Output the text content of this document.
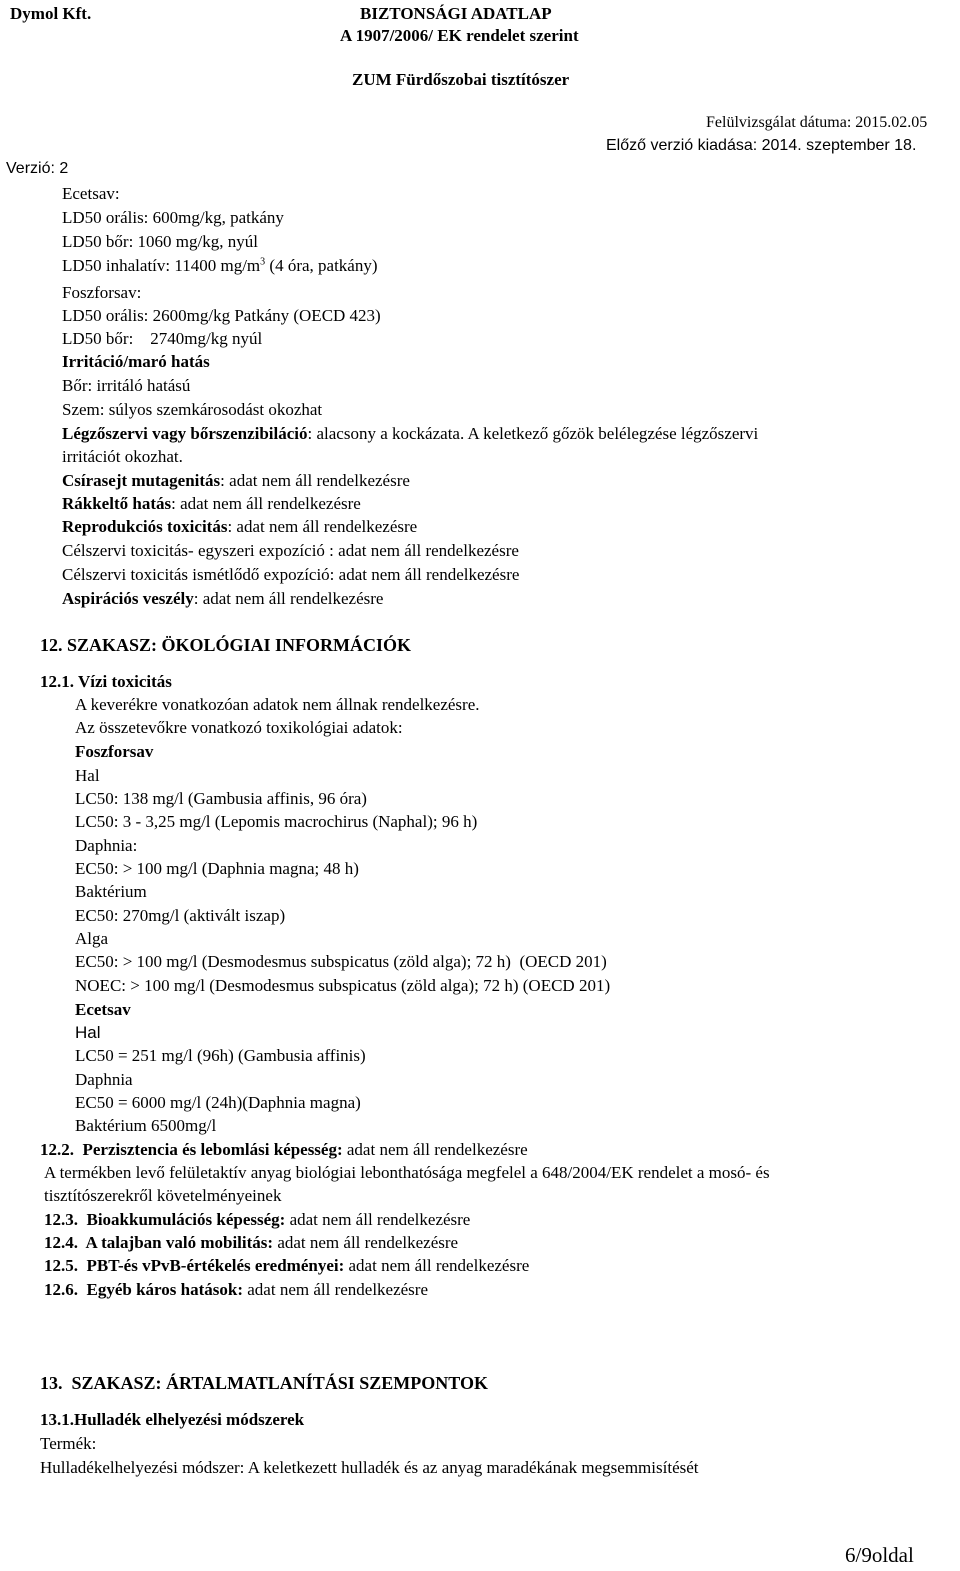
Dymol Kft.	BIZTONSÁGI ADATLAP
A 1907/2006/ EK rendelet szerint
ZUM Fürdőszobai tisztítószer
Felülvizsgálat dátuma: 2015.02.05
Előző verzió kiadása: 2014. szeptember 18.
Verzió: 2
Ecetsav:
LD50 orális: 600mg/kg, patkány
LD50 bőr: 1060 mg/kg, nyúl
LD50 inhalatív: 11400 $mg/m^3$ (4 óra, patkány)
Foszforsav:
LD50 orális: 2600mg/kg Patkány (OECD 423)
LD50 bőr:    2740mg/kg nyúl
Irritáció/maró hatás
Bőr: irritáló hatású
Szem: súlyos szemkárosodást okozhat
Légzőszervi vagy bőrszenzibiláció: alacsony a kockázata. A keletkező gőzök belélegzése légzőszervi
irritációt okozhat.
Csírasejt mutagenitás: adat nem áll rendelkezésre
Rákkeltő hatás: adat nem áll rendelkezésre
Reprodukciós toxicitás: adat nem áll rendelkezésre
Célszervi toxicitás- egyszeri expozíció : adat nem áll rendelkezésre
Célszervi toxicitás ismétlődő expozíció: adat nem áll rendelkezésre
Aspirációs veszély: adat nem áll rendelkezésre
12. SZAKASZ: ÖKOLÓGIAI INFORMÁCIÓK
12.1. Vízi toxicitás
A keverékre vonatkozóan adatok nem állnak rendelkezésre.
Az összetevőkre vonatkozó toxikológiai adatok:
Foszforsav
Hal
LC50: 138 mg/l (Gambusia affinis, 96 óra)
LC50: 3 - 3,25 mg/l (Lepomis macrochirus (Naphal); 96 h)
Daphnia:
EC50: > 100 mg/l (Daphnia magna; 48 h)
Baktérium
EC50: 270mg/l (aktivált iszap)
Alga
EC50: > 100 mg/l (Desmodesmus subspicatus (zöld alga); 72 h)  (OECD 201)
NOEC: > 100 mg/l (Desmodesmus subspicatus (zöld alga); 72 h) (OECD 201)
Ecetsav
Hal
LC50 = 251 mg/l (96h) (Gambusia affinis)
Daphnia
EC50 = 6000 mg/l (24h)(Daphnia magna)
Baktérium 6500mg/l
12.2.  Perzisztencia és lebomlási képesség: adat nem áll rendelkezésre
A termékben levő felületaktív anyag biológiai lebonthatósága megfelel a 648/2004/EK rendelet a mosó- és
tisztítószerekről követelményeinek
12.3.  Bioakkumulációs képesség: adat nem áll rendelkezésre
12.4.  A talajban való mobilitás: adat nem áll rendelkezésre
12.5.  PBT-és vPvB-értékelés eredményei: adat nem áll rendelkezésre
12.6.  Egyéb káros hatások: adat nem áll rendelkezésre
13.  SZAKASZ: ÁRTALMATLANÍTÁSI SZEMPONTOK
13.1.Hulladék elhelyezési módszerek
Termék:
Hulladékelhelyezési módszer: A keletkezett hulladék és az anyag maradékának megsemmisítését
6/9oldal
